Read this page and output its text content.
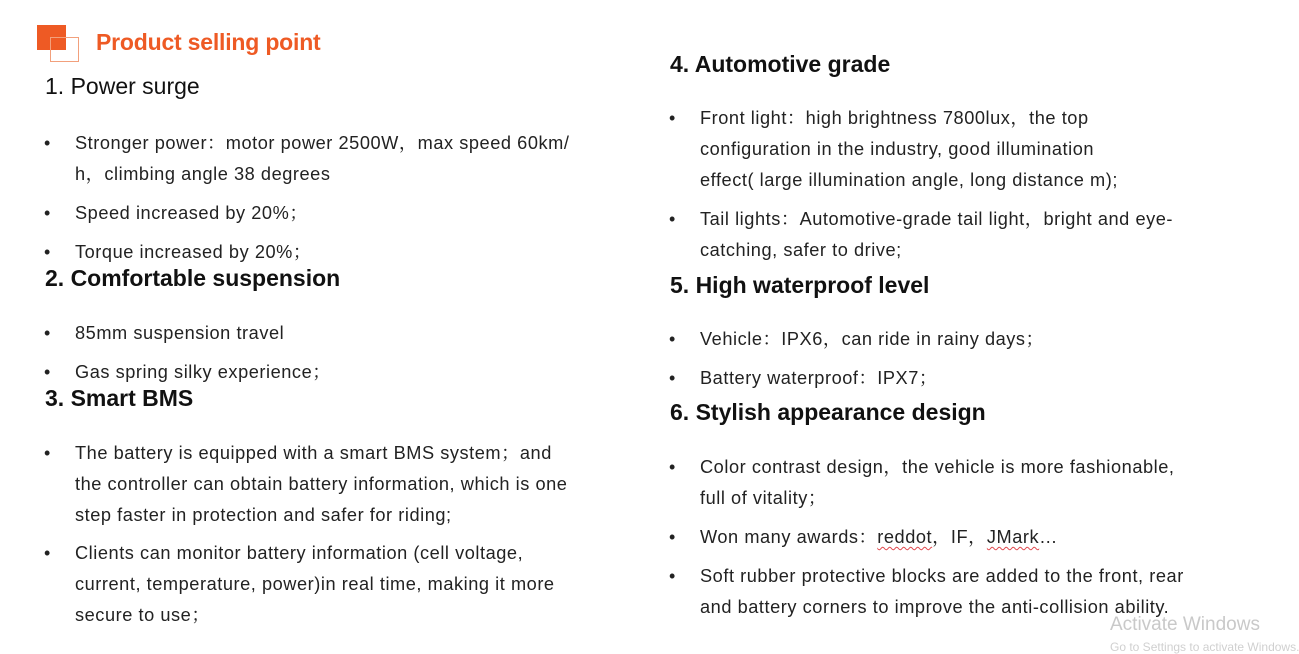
Product selling point
1. Power surge
• Stronger power：motor power 2500W，max speed 60km/
h，climbing angle 38 degrees
• Speed increased by 20%；
• Torque increased by 20%；
2. Comfortable suspension
• 85mm suspension travel
• Gas spring silky experience；
3. Smart BMS
• The battery is equipped with a smart BMS system；and
the controller can obtain battery information, which is one
step faster in protection and safer for riding;
• Clients can monitor battery information (cell voltage,
current, temperature, power)in real time, making it more
secure to use；
4. Automotive grade
• Front light：high brightness 7800lux，the top
configuration in the industry, good illumination
effect( large illumination angle, long distance m);
• Tail lights：Automotive-grade tail light，bright and eye-
catching, safer to drive;
5. High waterproof level
• Vehicle：IPX6，can ride in rainy days；
• Battery waterproof：IPX7；
6. Stylish appearance design
• Color contrast design，the vehicle is more fashionable,
full of vitality；
• Won many awards：reddot，IF，JMark…
• Soft rubber protective blocks are added to the front, rear
and battery corners to improve the anti-collision ability.
Activate Windows
Go to Settings to activate Windows.
